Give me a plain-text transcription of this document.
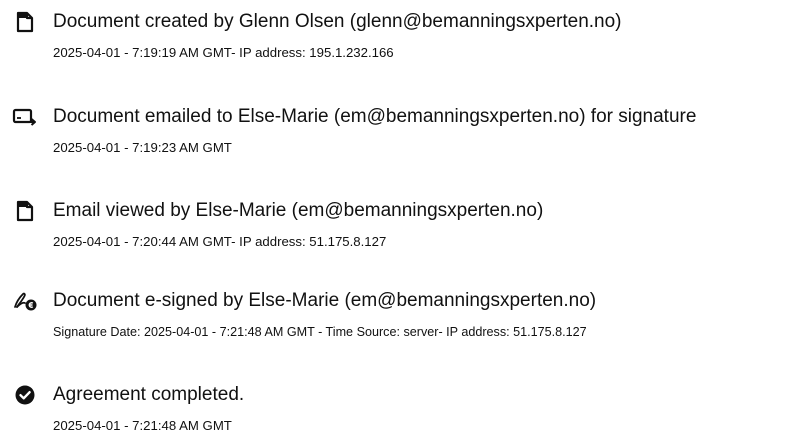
Document created by Glenn Olsen (glenn@bemanningsxperten.no)
2025-04-01 - 7:19:19 AM GMT- IP address: 195.1.232.166
Document emailed to Else-Marie (em@bemanningsxperten.no) for signature
2025-04-01 - 7:19:23 AM GMT
Email viewed by Else-Marie (em@bemanningsxperten.no)
2025-04-01 - 7:20:44 AM GMT- IP address: 51.175.8.127
Document e-signed by Else-Marie (em@bemanningsxperten.no)
Signature Date: 2025-04-01 - 7:21:48 AM GMT - Time Source: server- IP address: 51.175.8.127
Agreement completed.
2025-04-01 - 7:21:48 AM GMT
